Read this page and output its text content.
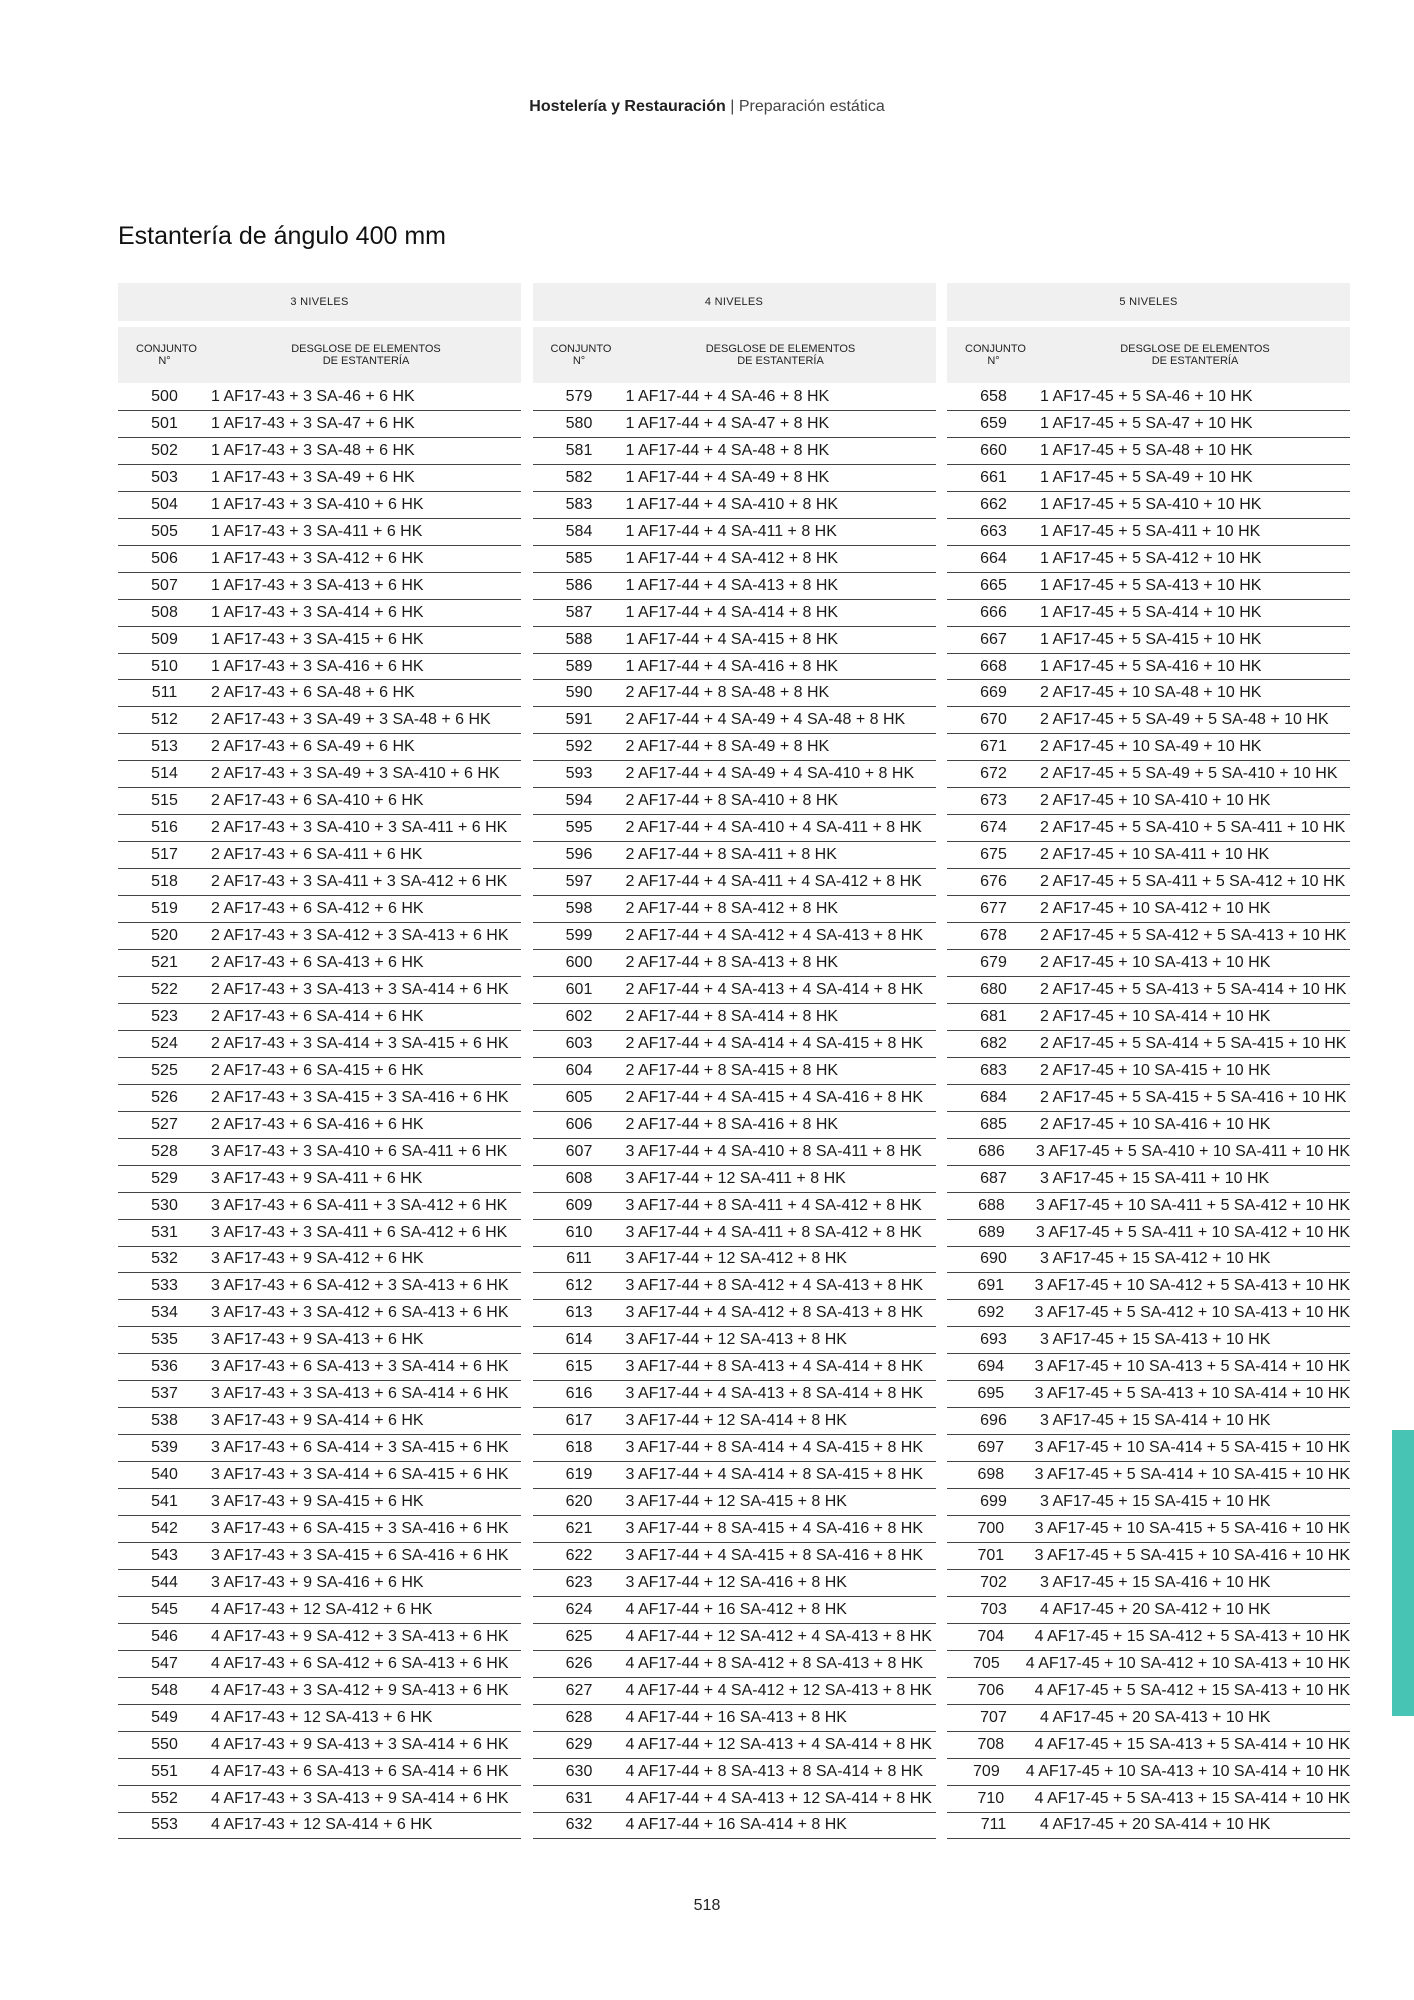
Hostelería y Restauración | Preparación estática
Estantería de ángulo 400 mm
3 NIVELES
CONJUNTO N°
DESGLOSE DE ELEMENTOS DE ESTANTERÍA
500	1 AF17-43 + 3 SA-46 + 6 HK
501	1 AF17-43 + 3 SA-47 + 6 HK
502	1 AF17-43 + 3 SA-48 + 6 HK
503	1 AF17-43 + 3 SA-49 + 6 HK
504	1 AF17-43 + 3 SA-410 + 6 HK
505	1 AF17-43 + 3 SA-411 + 6 HK
506	1 AF17-43 + 3 SA-412 + 6 HK
507	1 AF17-43 + 3 SA-413 + 6 HK
508	1 AF17-43 + 3 SA-414 + 6 HK
509	1 AF17-43 + 3 SA-415 + 6 HK
510	1 AF17-43 + 3 SA-416 + 6 HK
511	2 AF17-43 + 6 SA-48 + 6 HK
512	2 AF17-43 + 3 SA-49 + 3 SA-48 + 6 HK
513	2 AF17-43 + 6 SA-49 + 6 HK
514	2 AF17-43 + 3 SA-49 + 3 SA-410 + 6 HK
515	2 AF17-43 + 6 SA-410 + 6 HK
516	2 AF17-43 + 3 SA-410 + 3 SA-411 + 6 HK
517	2 AF17-43 + 6 SA-411 + 6 HK
518	2 AF17-43 + 3 SA-411 + 3 SA-412 + 6 HK
519	2 AF17-43 + 6 SA-412 + 6 HK
520	2 AF17-43 + 3 SA-412 + 3 SA-413 + 6 HK
521	2 AF17-43 + 6 SA-413 + 6 HK
522	2 AF17-43 + 3 SA-413 + 3 SA-414 + 6 HK
523	2 AF17-43 + 6 SA-414 + 6 HK
524	2 AF17-43 + 3 SA-414 + 3 SA-415 + 6 HK
525	2 AF17-43 + 6 SA-415 + 6 HK
526	2 AF17-43 + 3 SA-415 + 3 SA-416 + 6 HK
527	2 AF17-43 + 6 SA-416 + 6 HK
528	3 AF17-43 + 3 SA-410 + 6 SA-411 + 6 HK
529	3 AF17-43 + 9 SA-411 + 6 HK
530	3 AF17-43 + 6 SA-411 + 3 SA-412 + 6 HK
531	3 AF17-43 + 3 SA-411 + 6 SA-412 + 6 HK
532	3 AF17-43 + 9 SA-412 + 6 HK
533	3 AF17-43 + 6 SA-412 + 3 SA-413 + 6 HK
534	3 AF17-43 + 3 SA-412 + 6 SA-413 + 6 HK
535	3 AF17-43 + 9 SA-413 + 6 HK
536	3 AF17-43 + 6 SA-413 + 3 SA-414 + 6 HK
537	3 AF17-43 + 3 SA-413 + 6 SA-414 + 6 HK
538	3 AF17-43 + 9 SA-414 + 6 HK
539	3 AF17-43 + 6 SA-414 + 3 SA-415 + 6 HK
540	3 AF17-43 + 3 SA-414 + 6 SA-415 + 6 HK
541	3 AF17-43 + 9 SA-415 + 6 HK
542	3 AF17-43 + 6 SA-415 + 3 SA-416 + 6 HK
543	3 AF17-43 + 3 SA-415 + 6 SA-416 + 6 HK
544	3 AF17-43 + 9 SA-416 + 6 HK
545	4 AF17-43 + 12 SA-412 + 6 HK
546	4 AF17-43 + 9 SA-412 + 3 SA-413 + 6 HK
547	4 AF17-43 + 6 SA-412 + 6 SA-413 + 6 HK
548	4 AF17-43 + 3 SA-412 + 9 SA-413 + 6 HK
549	4 AF17-43 + 12 SA-413 + 6 HK
550	4 AF17-43 + 9 SA-413 + 3 SA-414 + 6 HK
551	4 AF17-43 + 6 SA-413 + 6 SA-414 + 6 HK
552	4 AF17-43 + 3 SA-413 + 9 SA-414 + 6 HK
553	4 AF17-43 + 12 SA-414 + 6 HK
4 NIVELES
CONJUNTO N°
DESGLOSE DE ELEMENTOS DE ESTANTERÍA
579	1 AF17-44 + 4 SA-46 + 8 HK
580	1 AF17-44 + 4 SA-47 + 8 HK
581	1 AF17-44 + 4 SA-48 + 8 HK
582	1 AF17-44 + 4 SA-49 + 8 HK
583	1 AF17-44 + 4 SA-410 + 8 HK
584	1 AF17-44 + 4 SA-411 + 8 HK
585	1 AF17-44 + 4 SA-412 + 8 HK
586	1 AF17-44 + 4 SA-413 + 8 HK
587	1 AF17-44 + 4 SA-414 + 8 HK
588	1 AF17-44 + 4 SA-415 + 8 HK
589	1 AF17-44 + 4 SA-416 + 8 HK
590	2 AF17-44 + 8 SA-48 + 8 HK
591	2 AF17-44 + 4 SA-49 + 4 SA-48 + 8 HK
592	2 AF17-44 + 8 SA-49 + 8 HK
593	2 AF17-44 + 4 SA-49 + 4 SA-410 + 8 HK
594	2 AF17-44 + 8 SA-410 + 8 HK
595	2 AF17-44 + 4 SA-410 + 4 SA-411 + 8 HK
596	2 AF17-44 + 8 SA-411 + 8 HK
597	2 AF17-44 + 4 SA-411 + 4 SA-412 + 8 HK
598	2 AF17-44 + 8 SA-412 + 8 HK
599	2 AF17-44 + 4 SA-412 + 4 SA-413 + 8 HK
600	2 AF17-44 + 8 SA-413 + 8 HK
601	2 AF17-44 + 4 SA-413 + 4 SA-414 + 8 HK
602	2 AF17-44 + 8 SA-414 + 8 HK
603	2 AF17-44 + 4 SA-414 + 4 SA-415 + 8 HK
604	2 AF17-44 + 8 SA-415 + 8 HK
605	2 AF17-44 + 4 SA-415 + 4 SA-416 + 8 HK
606	2 AF17-44 + 8 SA-416 + 8 HK
607	3 AF17-44 + 4 SA-410 + 8 SA-411 + 8 HK
608	3 AF17-44 + 12 SA-411 + 8 HK
609	3 AF17-44 + 8 SA-411 + 4 SA-412 + 8 HK
610	3 AF17-44 + 4 SA-411 + 8 SA-412 + 8 HK
611	3 AF17-44 + 12 SA-412 + 8 HK
612	3 AF17-44 + 8 SA-412 + 4 SA-413 + 8 HK
613	3 AF17-44 + 4 SA-412 + 8 SA-413 + 8 HK
614	3 AF17-44 + 12 SA-413 + 8 HK
615	3 AF17-44 + 8 SA-413 + 4 SA-414 + 8 HK
616	3 AF17-44 + 4 SA-413 + 8 SA-414 + 8 HK
617	3 AF17-44 + 12 SA-414 + 8 HK
618	3 AF17-44 + 8 SA-414 + 4 SA-415 + 8 HK
619	3 AF17-44 + 4 SA-414 + 8 SA-415 + 8 HK
620	3 AF17-44 + 12 SA-415 + 8 HK
621	3 AF17-44 + 8 SA-415 + 4 SA-416 + 8 HK
622	3 AF17-44 + 4 SA-415 + 8 SA-416 + 8 HK
623	3 AF17-44 + 12 SA-416 + 8 HK
624	4 AF17-44 + 16 SA-412 + 8 HK
625	4 AF17-44 + 12 SA-412 + 4 SA-413 + 8 HK
626	4 AF17-44 + 8 SA-412 + 8 SA-413 + 8 HK
627	4 AF17-44 + 4 SA-412 + 12 SA-413 + 8 HK
628	4 AF17-44 + 16 SA-413 + 8 HK
629	4 AF17-44 + 12 SA-413 + 4 SA-414 + 8 HK
630	4 AF17-44 + 8 SA-413 + 8 SA-414 + 8 HK
631	4 AF17-44 + 4 SA-413 + 12 SA-414 + 8 HK
632	4 AF17-44 + 16 SA-414 + 8 HK
5 NIVELES
CONJUNTO N°
DESGLOSE DE ELEMENTOS DE ESTANTERÍA
658	1 AF17-45 + 5 SA-46 + 10 HK
659	1 AF17-45 + 5 SA-47 + 10 HK
660	1 AF17-45 + 5 SA-48 + 10 HK
661	1 AF17-45 + 5 SA-49 + 10 HK
662	1 AF17-45 + 5 SA-410 + 10 HK
663	1 AF17-45 + 5 SA-411 + 10 HK
664	1 AF17-45 + 5 SA-412 + 10 HK
665	1 AF17-45 + 5 SA-413 + 10 HK
666	1 AF17-45 + 5 SA-414 + 10 HK
667	1 AF17-45 + 5 SA-415 + 10 HK
668	1 AF17-45 + 5 SA-416 + 10 HK
669	2 AF17-45 + 10 SA-48 + 10 HK
670	2 AF17-45 + 5 SA-49 + 5 SA-48 + 10 HK
671	2 AF17-45 + 10 SA-49 + 10 HK
672	2 AF17-45 + 5 SA-49 + 5 SA-410 + 10 HK
673	2 AF17-45 + 10 SA-410 + 10 HK
674	2 AF17-45 + 5 SA-410 + 5 SA-411 + 10 HK
675	2 AF17-45 + 10 SA-411 + 10 HK
676	2 AF17-45 + 5 SA-411 + 5 SA-412 + 10 HK
677	2 AF17-45 + 10 SA-412 + 10 HK
678	2 AF17-45 + 5 SA-412 + 5 SA-413 + 10 HK
679	2 AF17-45 + 10 SA-413 + 10 HK
680	2 AF17-45 + 5 SA-413 + 5 SA-414 + 10 HK
681	2 AF17-45 + 10 SA-414 + 10 HK
682	2 AF17-45 + 5 SA-414 + 5 SA-415 + 10 HK
683	2 AF17-45 + 10 SA-415 + 10 HK
684	2 AF17-45 + 5 SA-415 + 5 SA-416 + 10 HK
685	2 AF17-45 + 10 SA-416 + 10 HK
686	3 AF17-45 + 5 SA-410 + 10 SA-411 + 10 HK
687	3 AF17-45 + 15 SA-411 + 10 HK
688	3 AF17-45 + 10 SA-411 + 5 SA-412 + 10 HK
689	3 AF17-45 + 5 SA-411 + 10 SA-412 + 10 HK
690	3 AF17-45 + 15 SA-412 + 10 HK
691	3 AF17-45 + 10 SA-412 + 5 SA-413 + 10 HK
692	3 AF17-45 + 5 SA-412 + 10 SA-413 + 10 HK
693	3 AF17-45 + 15 SA-413 + 10 HK
694	3 AF17-45 + 10 SA-413 + 5 SA-414 + 10 HK
695	3 AF17-45 + 5 SA-413 + 10 SA-414 + 10 HK
696	3 AF17-45 + 15 SA-414 + 10 HK
697	3 AF17-45 + 10 SA-414 + 5 SA-415 + 10 HK
698	3 AF17-45 + 5 SA-414 + 10 SA-415 + 10 HK
699	3 AF17-45 + 15 SA-415 + 10 HK
700	3 AF17-45 + 10 SA-415 + 5 SA-416 + 10 HK
701	3 AF17-45 + 5 SA-415 + 10 SA-416 + 10 HK
702	3 AF17-45 + 15 SA-416 + 10 HK
703	4 AF17-45 + 20 SA-412 + 10 HK
704	4 AF17-45 + 15 SA-412 + 5 SA-413 + 10 HK
705	4 AF17-45 + 10 SA-412 + 10 SA-413 + 10 HK
706	4 AF17-45 + 5 SA-412 + 15 SA-413 + 10 HK
707	4 AF17-45 + 20 SA-413 + 10 HK
708	4 AF17-45 + 15 SA-413 + 5 SA-414 + 10 HK
709	4 AF17-45 + 10 SA-413 + 10 SA-414 + 10 HK
710	4 AF17-45 + 5 SA-413 + 15 SA-414 + 10 HK
711	4 AF17-45 + 20 SA-414 + 10 HK
518
